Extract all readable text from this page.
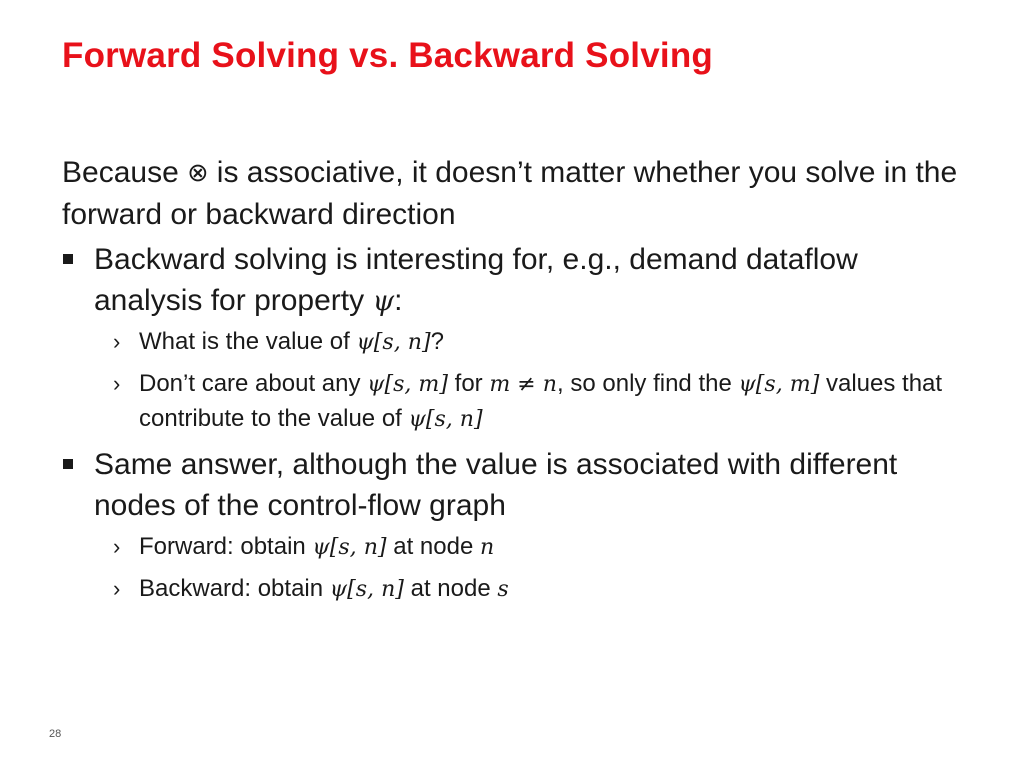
Forward Solving vs. Backward Solving

Because ⊗ is associative, it doesn’t matter whether you solve in the forward or backward direction

Backward solving is interesting for, e.g., demand dataflow analysis for property ψ:
› What is the value of ψ[s, n]?
› Don’t care about any ψ[s, m] for m ≠ n, so only find the ψ[s, m] values that contribute to the value of ψ[s, n]
Same answer, although the value is associated with different nodes of the control-flow graph
› Forward: obtain ψ[s, n] at node n
› Backward: obtain ψ[s, n] at node s
28
